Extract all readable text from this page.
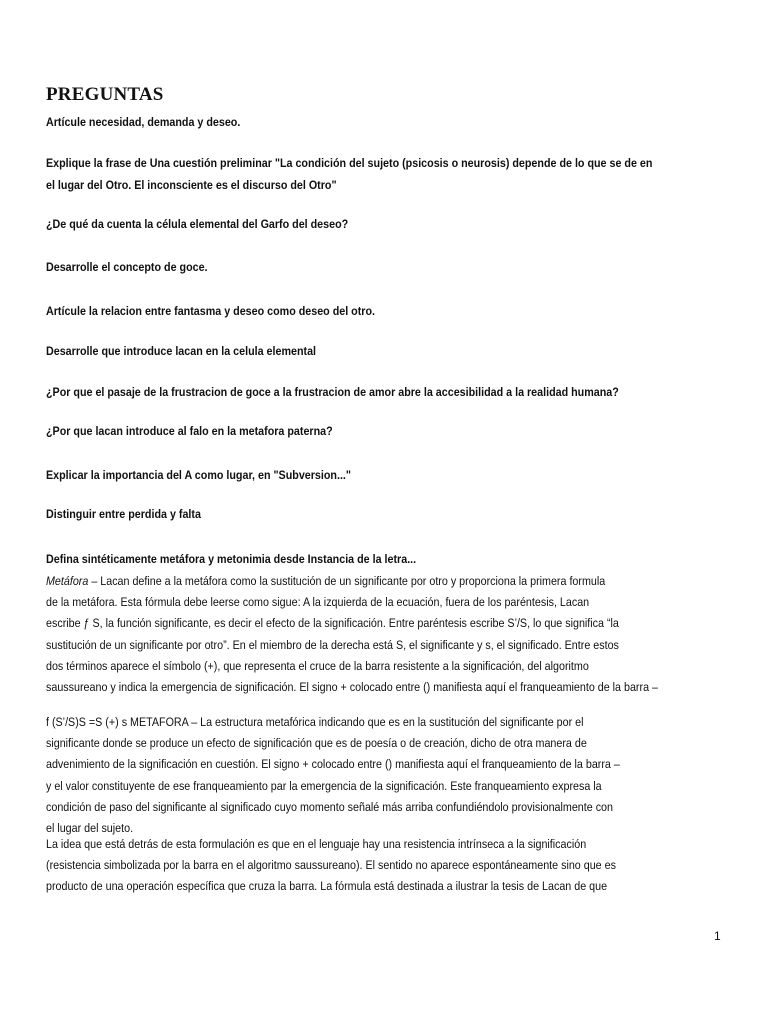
PREGUNTAS

Artícule necesidad, demanda y deseo.

Explique la frase de Una cuestión preliminar "La condición del sujeto (psicosis o neurosis) depende de lo que se de en
el lugar del Otro. El inconsciente es el discurso del Otro"

¿De qué da cuenta la célula elemental del Garfo del deseo?

Desarrolle el concepto de goce.

Artícule la relacion entre fantasma y deseo como deseo del otro.

Desarrolle que introduce lacan en la celula elemental

¿Por que el pasaje de la frustracion de goce a la frustracion de amor abre la accesibilidad a la realidad humana?

¿Por que lacan introduce al falo en la metafora paterna?

Explicar la importancia del A como lugar, en "Subversion..."

Distinguir entre perdida y falta

Defina sintéticamente metáfora y metonimia desde Instancia de la letra...

Metáfora – Lacan define a la metáfora como la sustitución de un significante por otro y proporciona la primera formula
de la metáfora. Esta fórmula debe leerse como sigue: A la izquierda de la ecuación, fuera de los paréntesis, Lacan
escribe ƒ S, la función significante, es decir el efecto de la significación. Entre paréntesis escribe S’/S, lo que significa “la
sustitución de un significante por otro”. En el miembro de la derecha está S, el significante y s, el significado. Entre estos
dos términos aparece el símbolo (+), que representa el cruce de la barra resistente a la significación, del algoritmo
saussureano y indica la emergencia de significación. El signo + colocado entre () manifiesta aquí el franqueamiento de la barra –
f (S’/S)S =S (+) s METAFORA – La estructura metafórica indicando que es en la sustitución del significante por el
significante donde se produce un efecto de significación que es de poesía o de creación, dicho de otra manera de
advenimiento de la significación en cuestión. El signo + colocado entre () manifiesta aquí el franqueamiento de la barra –
y el valor constituyente de ese franqueamiento par la emergencia de la significación. Este franqueamiento expresa la
condición de paso del significante al significado cuyo momento señalé más arriba confundiéndolo provisionalmente con
el lugar del sujeto.
La idea que está detrás de esta formulación es que en el lenguaje hay una resistencia intrínseca a la significación
(resistencia simbolizada por la barra en el algoritmo saussureano). El sentido no aparece espontáneamente sino que es
producto de una operación específica que cruza la barra. La fórmula está destinada a ilustrar la tesis de Lacan de que
1
